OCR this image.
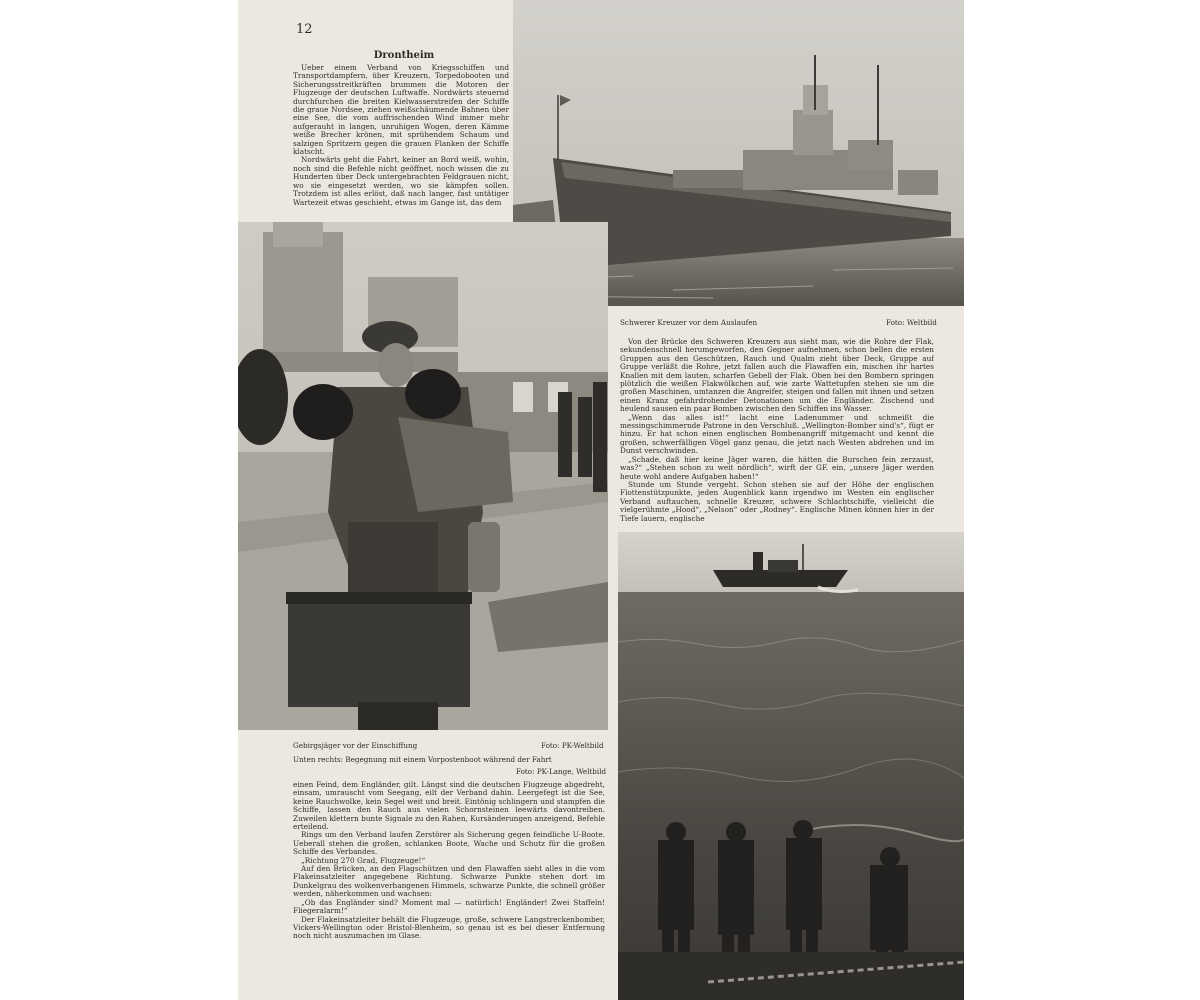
12
Drontheim

Ueber einem Verband von Kriegsschiffen und Transportdampfern, über Kreuzern, Torpedobooten und Sicherungsstreitkräften brummen die Motoren der Flugzeuge der deutschen Luftwaffe. Nordwärts steuernd durchfurchen die breiten Kielwasserstreifen der Schiffe die graue Nordsee, ziehen weißschäumende Bahnen über eine See, die vom auffrischenden Wind immer mehr aufgerauht in langen, unruhigen Wogen, deren Kämme weiße Brecher krönen, mit sprühendem Schaum und salzigen Spritzern gegen die grauen Flanken der Schiffe klatscht.

Nordwärts geht die Fahrt, keiner an Bord weiß, wohin, noch sind die Befehle nicht geöffnet, noch wissen die zu Hunderten über Deck untergebrachten Feldgrauen nicht, wo sie eingesetzt werden, wo sie kämpfen sollen. Trotzdem ist alles erlöst, daß nach langer, fast untätiger Wartezeit etwas geschieht, etwas im Gange ist, das dem

Schwerer Kreuzer vor dem Auslaufen	Foto: Weltbild

Von der Brücke des Schweren Kreuzers aus sieht man, wie die Rohre der Flak, sekundenschnell herumgeworfen, den Gegner aufnehmen, schon bellen die ersten Gruppen aus den Geschützen, Rauch und Qualm zieht über Deck, Gruppe auf Gruppe verläßt die Rohre, jetzt fallen auch die Flawaffen ein, mischen ihr hartes Knallen mit dem lauten, scharfen Gebell der Flak. Oben bei den Bombern springen plötzlich die weißen Flakwölkchen auf, wie zarte Wattetupfen stehen sie um die großen Maschinen, umtanzen die Angreifer, steigen und fallen mit ihnen und setzen einen Kranz gefahrdrohender Detonationen um die Engländer. Zischend und heulend sausen ein paar Bomben zwischen den Schiffen ins Wasser.

„Wenn das alles ist!“ lacht eine Ladenummer und schmeißt die messingschimmernde Patrone in den Verschluß. „Wellington-Bomber sind's“, fügt er hinzu. Er hat schon einen englischen Bombenangriff mitgemacht und kennt die großen, schwerfälligen Vögel ganz genau, die jetzt nach Westen abdrehen und im Dunst verschwinden.

„Schade, daß hier keine Jäger waren, die hätten die Burschen fein zerzaust, was?“ „Stehen schon zu weit nördlich“, wirft der GF. ein, „unsere Jäger werden heute wohl andere Aufgaben haben!“

Stunde um Stunde vergeht. Schon stehen sie auf der Höhe der englischen Flottenstützpunkte, jeden Augenblick kann irgendwo im Westen ein englischer Verband auftauchen, schnelle Kreuzer, schwere Schlachtschiffe, vielleicht die vielgerühmte „Hood“, „Nelson“ oder „Rodney“. Englische Minen können hier in der Tiefe lauern, englische

Gebirgsjäger vor der Einschiffung	Foto: PK-Weltbild
Unten rechts: Begegnung mit einem Vorpostenboot während der Fahrt
Foto: PK-Lange, Weltbild

einen Feind, dem Engländer, gilt. Längst sind die deutschen Flugzeuge abgedreht, einsam, umrauscht vom Seegang, eilt der Verband dahin. Leergefegt ist die See, keine Rauchwolke, kein Segel weit und breit. Eintönig schlingern und stampfen die Schiffe, lassen den Rauch aus vielen Schornsteinen leewärts davontreiben. Zuweilen klettern bunte Signale zu den Rahen, Kursänderungen anzeigend, Befehle erteilend.

Rings um den Verband laufen Zerstörer als Sicherung gegen feindliche U-Boote. Ueberall stehen die großen, schlanken Boote, Wache und Schutz für die großen Schiffe des Verbandes.

„Richtung 270 Grad, Flugzeuge!“

Auf den Brücken, an den Flagschützen und den Flawaffen sieht alles in die vom Flakeinsatzleiter angegebene Richtung. Schwarze Punkte stehen dort im Dunkelgrau des wolkenverhangenen Himmels, schwarze Punkte, die schnell größer werden, näherkommen und wachsen:

„Ob das Engländer sind? Moment mal — natürlich! Engländer! Zwei Staffeln! Fliegeralarm!“

Der Flakeinsatzleiter behält die Flugzeuge, große, schwere Langstreckenbomber, Vickers-Wellington oder Bristol-Blenheim, so genau ist es bei dieser Entfernung noch nicht auszumachen im Glase.
